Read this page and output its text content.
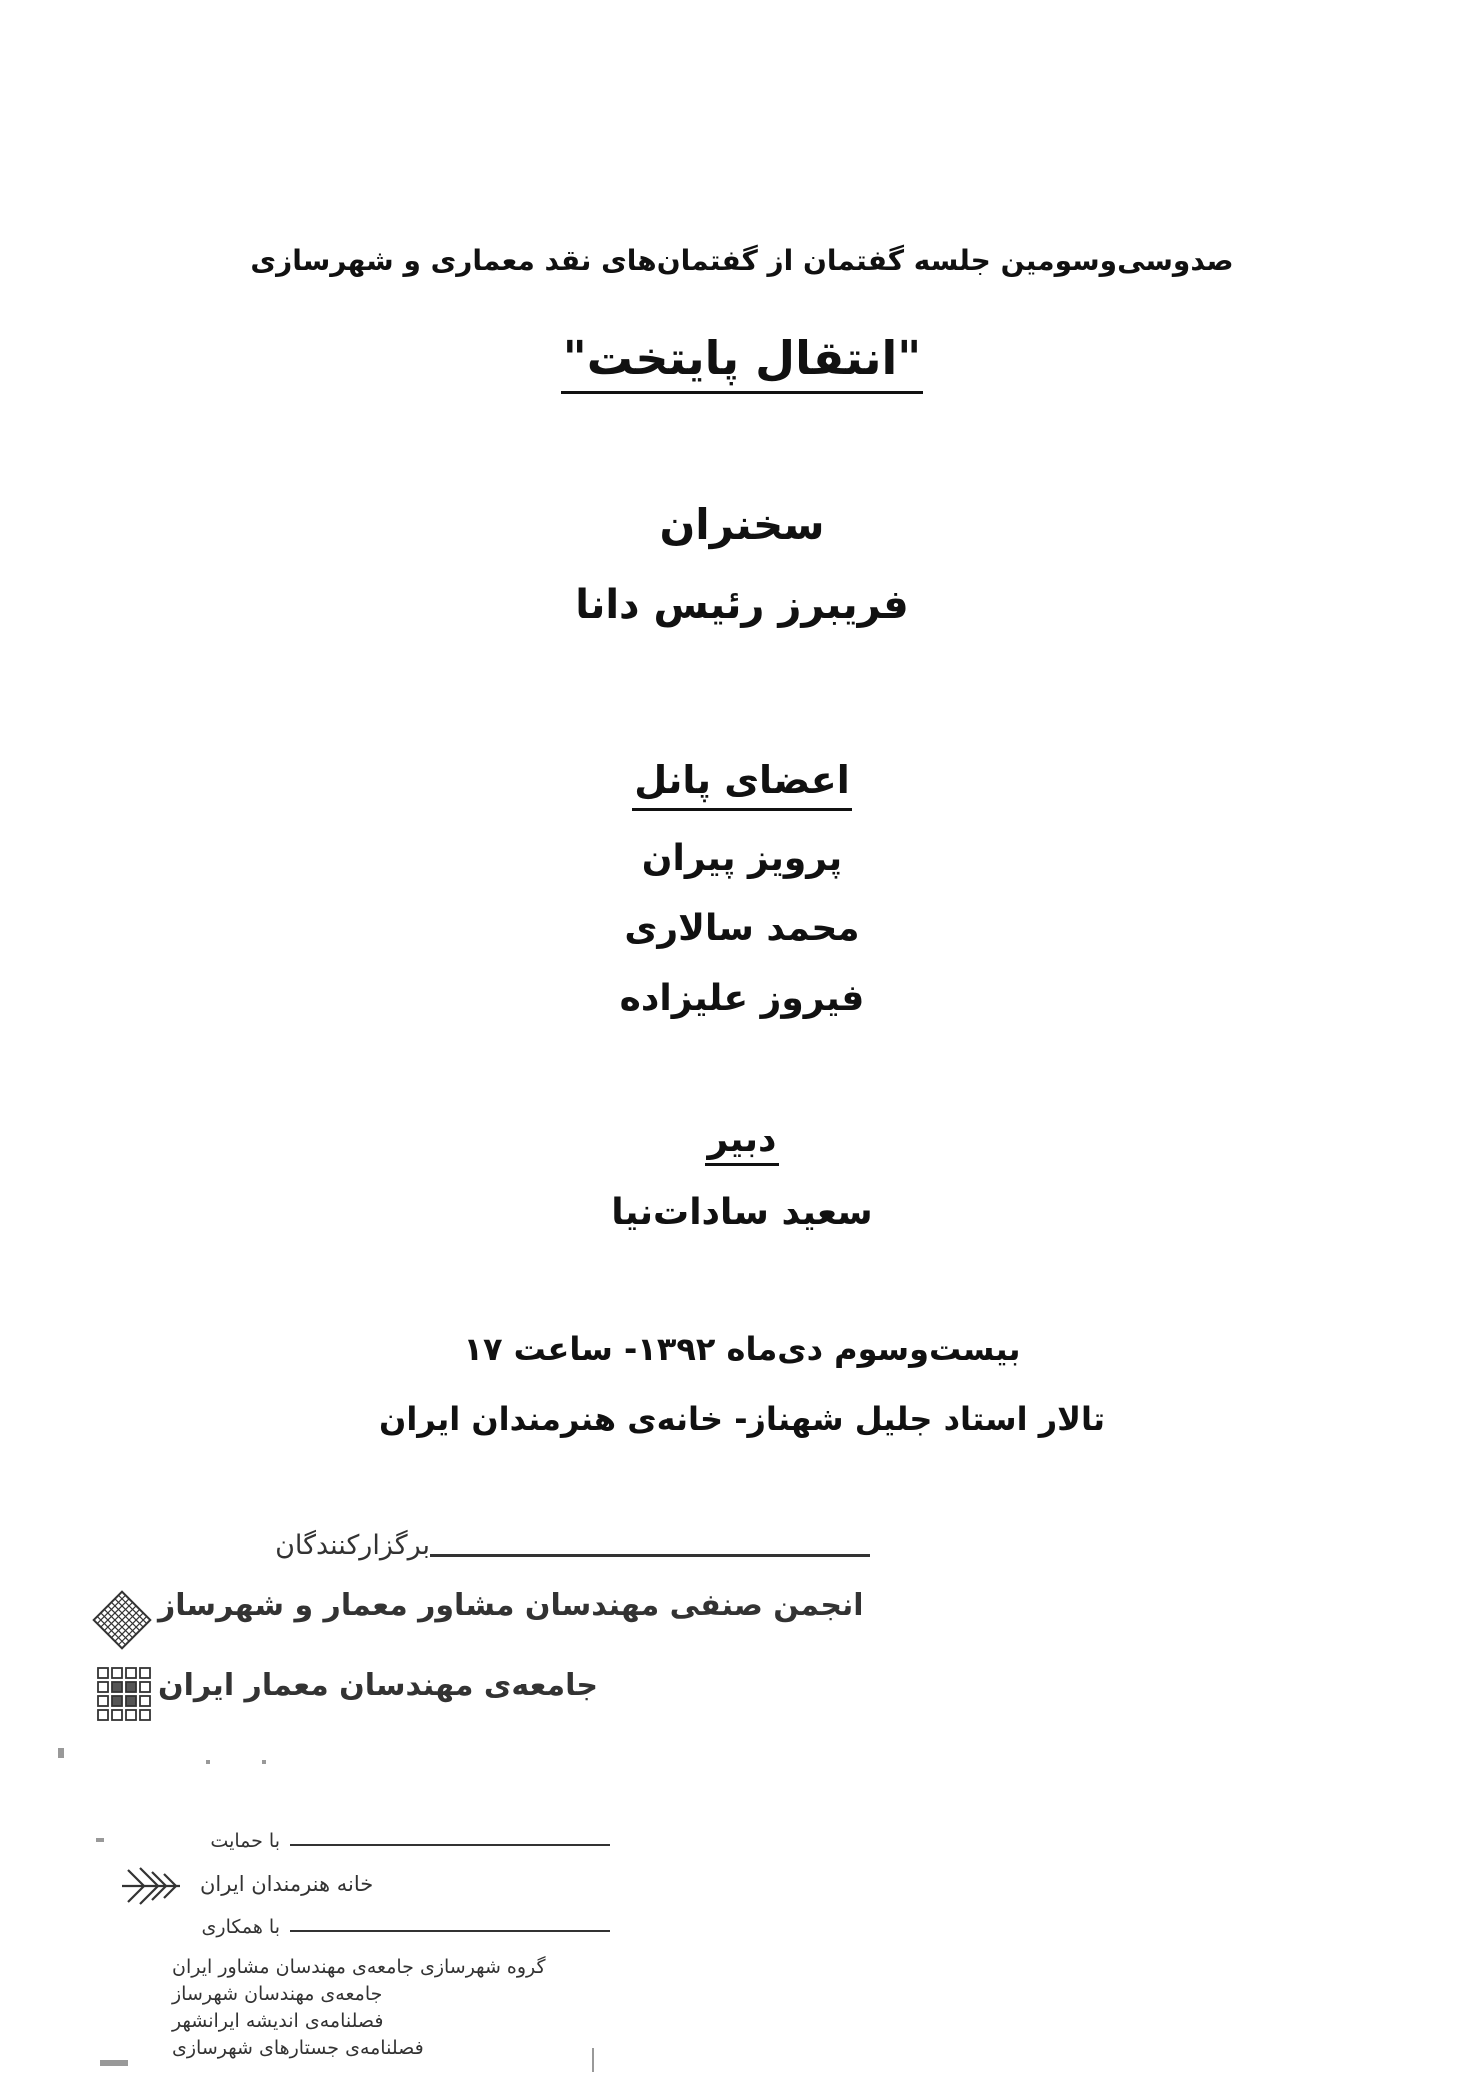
صدوسی‌وسومین جلسه گفتمان از گفتمان‌های نقد معماری و شهرسازی
"انتقال پایتخت"
سخنران
فریبرز رئیس دانا
اعضای پانل
پرویز پیران
محمد سالاری
فیروز علیزاده
دبیر
سعید سادات‌نیا
بیست‌وسوم دی‌ماه ۱۳۹۲- ساعت ۱۷
تالار استاد جلیل شهناز- خانه‌ی هنرمندان ایران
برگزارکنندگان
انجمن صنفی مهندسان مشاور معمار و شهرساز
جامعه‌ی مهندسان معمار ایران
با حمایت
خانه هنرمندان ایران
با همکاری
گروه شهرسازی جامعه‌ی مهندسان مشاور ایران
جامعه‌ی مهندسان شهرساز
فصلنامه‌ی اندیشه ایرانشهر
فصلنامه‌ی جستارهای شهرسازی
